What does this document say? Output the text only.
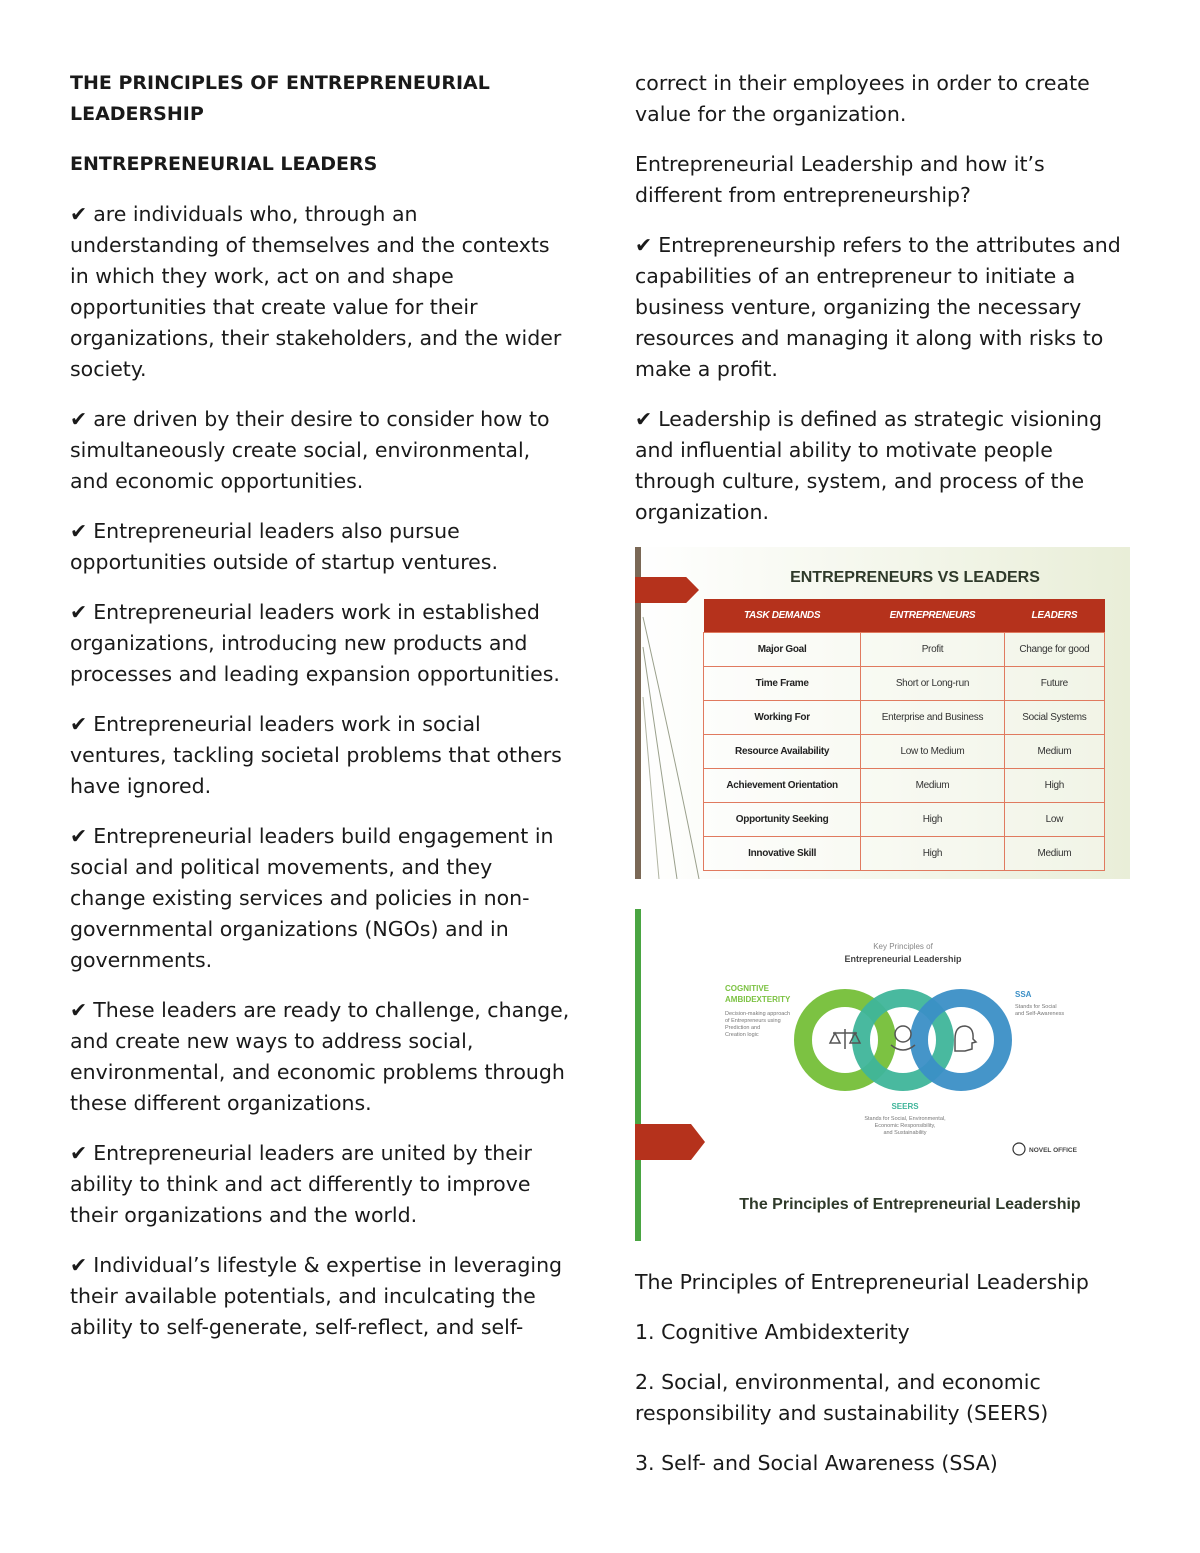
THE PRINCIPLES OF ENTREPRENEURIAL LEADERSHIP

ENTREPRENEURIAL LEADERS

✔ are individuals who, through an understanding of themselves and the contexts in which they work, act on and shape opportunities that create value for their organizations, their stakeholders, and the wider society.

✔ are driven by their desire to consider how to simultaneously create social, environmental, and economic opportunities.

✔ Entrepreneurial leaders also pursue opportunities outside of startup ventures.

✔ Entrepreneurial leaders work in established organizations, introducing new products and processes and leading expansion opportunities.

✔ Entrepreneurial leaders work in social ventures, tackling societal problems that others have ignored.

✔ Entrepreneurial leaders build engagement in social and political movements, and they change existing services and policies in non-governmental organizations (NGOs) and in governments.

✔ These leaders are ready to challenge, change, and create new ways to address social, environmental, and economic problems through these different organizations.

✔ Entrepreneurial leaders are united by their ability to think and act differently to improve their organizations and the world.

✔ Individual’s lifestyle & expertise in leveraging their available potentials, and inculcating the ability to self-generate, self-reflect, and self-

correct in their employees in order to create value for the organization.

Entrepreneurial Leadership and how it’s different from entrepreneurship?

✔ Entrepreneurship refers to the attributes and capabilities of an entrepreneur to initiate a business venture, organizing the necessary resources and managing it along with risks to make a profit.

✔ Leadership is defined as strategic visioning and influential ability to motivate people through culture, system, and process of the organization.

ENTREPRENEURS VS LEADERS
TASK DEMANDS	ENTREPRENEURS	LEADERS
Major Goal	Profit	Change for good
Time Frame	Short or Long-run	Future
Working For	Enterprise and Business	Social Systems
Resource Availability	Low to Medium	Medium
Achievement Orientation	Medium	High
Opportunity Seeking	High	Low
Innovative Skill	High	Medium
Key Principles of
Entrepreneurial Leadership
COGNITIVE
AMBIDEXTERITY
Decision-making approach
of Entrepreneurs using
Prediction and
Creation logic
SSA
Stands for Social
and Self-Awareness
SEERS
Stands for Social, Environmental,
Economic Responsibility,
and Sustainability
NOVEL OFFICE
The Principles of Entrepreneurial Leadership

The Principles of Entrepreneurial Leadership

1. Cognitive Ambidexterity

2. Social, environmental, and economic responsibility and sustainability (SEERS)

3. Self- and Social Awareness (SSA)
